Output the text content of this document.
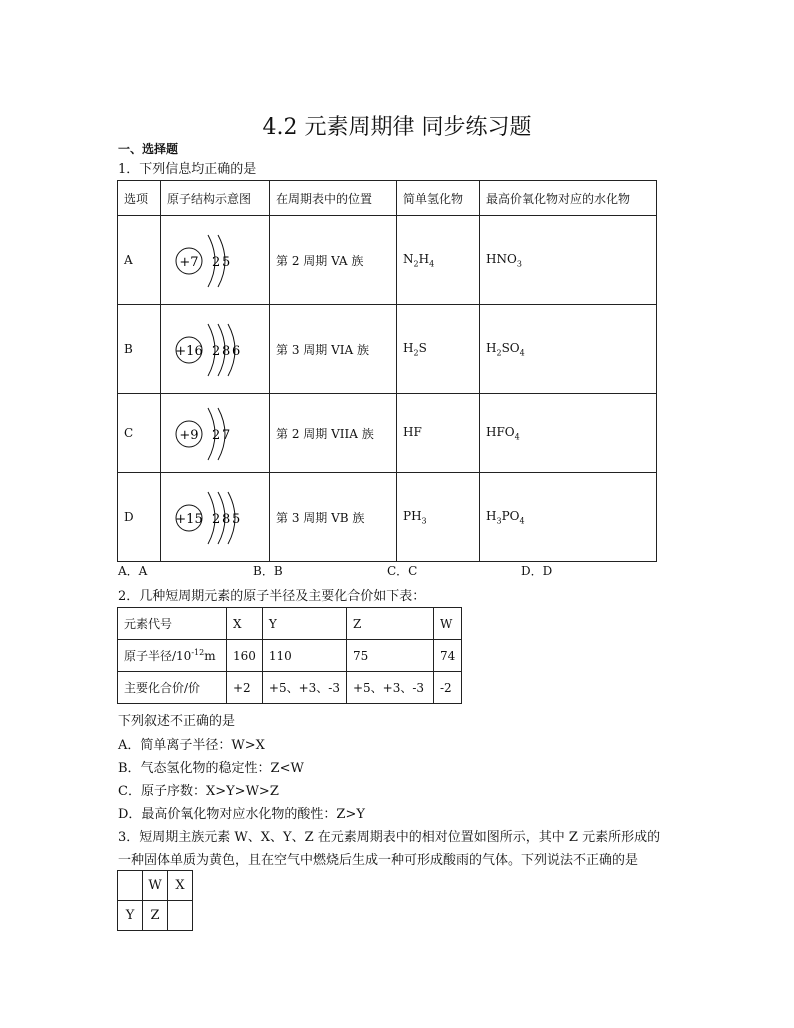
4.2 元素周期律 同步练习题
一、选择题
1．下列信息均正确的是
选项	原子结构示意图	在周期表中的位置	简单氢化物	最高价氧化物对应的水化物
A	+7 2 5	第 2 周期 VA 族	$N_2H_4$	$HNO_3$
B	+16 2 8 6	第 3 周期 VIA 族	$H_2S$	$H_2SO_4$
C	+9 2 7	第 2 周期 VIIA 族	HF	$HFO_4$
D	+15 2 8 5	第 3 周期 VB 族	$PH_3$	$H_3PO_4$
A．A	B．B	C．C	D．D
2．几种短周期元素的原子半径及主要化合价如下表：
元素代号	X	Y	Z	W
原子半径$/10^{-12}m$	160	110	75	74
主要化合价/价	+2	+5、+3、-3	+5、+3、-3	-2
下列叙述不正确的是
A．简单离子半径：W>X
B．气态氢化物的稳定性：Z<W
C．原子序数：X>Y>W>Z
D．最高价氧化物对应水化物的酸性：Z>Y
3．短周期主族元素 W、X、Y、Z 在元素周期表中的相对位置如图所示，其中 Z 元素所形成的
一种固体单质为黄色，且在空气中燃烧后生成一种可形成酸雨的气体。下列说法不正确的是
	W	X
Y	Z	
